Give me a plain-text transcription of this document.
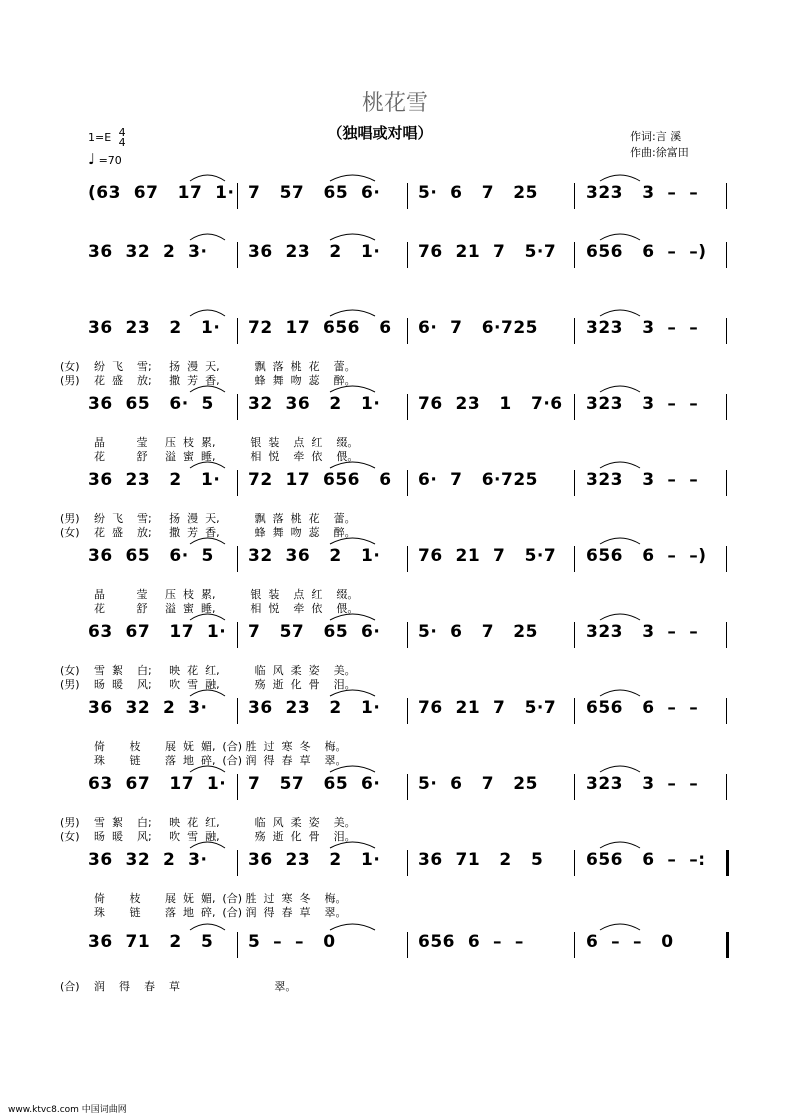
桃花雪
（独唱或对唱）	作词:言 溪
作曲:徐富田
1=E 4
4
♩ =70
(63  67   17  1· 7   57   65  6· 5·  6   7   25	323   3  –  –
36  32  2  3· 36  23   2   1· 76  21  7   5·7 656   6  –  –)
36  23   2   1· 72  17  656   6 6·  7   6·725	323   3  –  –
36  65   6·  5 32  36   2   1· 76  23   1   7·6 323   3  –  –
36  23   2   1· 72  17  656   6 6·  7   6·725	323   3  –  –
36  65   6·  5 32  36   2   1· 76  21  7   5·7 656   6  –  –)
63  67   17  1· 7   57   65  6· 5·  6   7   25	323   3  –  –
36  32  2  3· 36  23   2   1· 76  21  7   5·7 656   6  –  –
63  67   17  1· 7   57   65  6· 5·  6   7   25	323   3  –  –
36  32  2  3· 36  23   2   1· 36  71   2   5	656   6  –  –:
36  71   2   5 5  –  –   0	656  6  –  –	6  –  –   0
(女) 纷  飞    雪;     扬  漫  天,          飘  落  桃  花    蕾。
(男) 花  盛    放;     撒  芳  香,          蜂  舞  吻  蕊    醉。
晶         莹     压  枝  累,          银  装    点  红    缀。
花         舒     溢  蜜  睡,          相  悦    牵  依    偎。
(男) 纷  飞    雪;     扬  漫  天,          飘  落  桃  花    蕾。
(女) 花  盛    放;     撒  芳  香,          蜂  舞  吻  蕊    醉。
晶         莹     压  枝  累,          银  装    点  红    缀。
花         舒     溢  蜜  睡,          相  悦    牵  依    偎。
(女) 雪  絮    白;     映  花  红,          临  风  柔  姿    美。
(男) 旸  暖    风;     吹  雪  融,          殇  逝  化  骨    泪。
倚       枝       展  妩  媚,  (合) 胜  过  寒  冬    梅。
珠       链       落  地  碎,  (合) 润  得  春  草    翠。
(男) 雪  絮    白;     映  花  红,          临  风  柔  姿    美。
(女) 旸  暖    风;     吹  雪  融,          殇  逝  化  骨    泪。
倚       枝       展  妩  媚,  (合) 胜  过  寒  冬    梅。
珠       链       落  地  碎,  (合) 润  得  春  草    翠。
(合) 润    得    春    草                           翠。
www.ktvc8.com 中国词曲网
